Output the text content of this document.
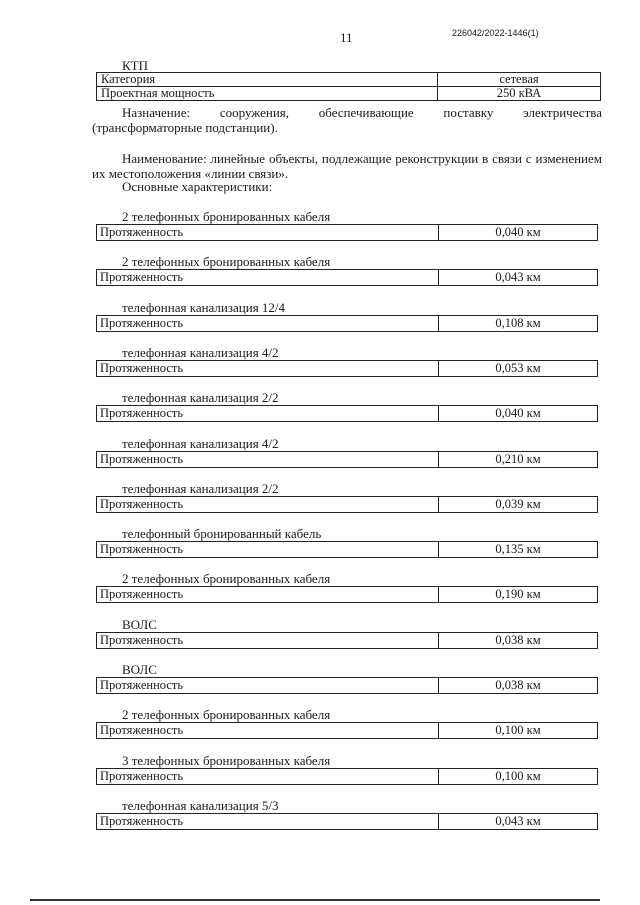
11	226042/2022-1446(1)
КТП
Категория	сетевая
Проектная мощность	250 кВА
Назначение: сооружения, обеспечивающие поставку электричества (трансформаторные подстанции).
Наименование: линейные объекты, подлежащие реконструкции в связи с изменением их местоположения «линии связи».
Основные характеристики:
2 телефонных бронированных кабеля
Протяженность	0,040 км
2 телефонных бронированных кабеля
Протяженность	0,043 км
телефонная канализация 12/4
Протяженность	0,108 км
телефонная канализация 4/2
Протяженность	0,053 км
телефонная канализация 2/2
Протяженность	0,040 км
телефонная канализация 4/2
Протяженность	0,210 км
телефонная канализация 2/2
Протяженность	0,039 км
телефонный бронированный кабель
Протяженность	0,135 км
2 телефонных бронированных кабеля
Протяженность	0,190 км
ВОЛС
Протяженность	0,038 км
ВОЛС
Протяженность	0,038 км
2 телефонных бронированных кабеля
Протяженность	0,100 км
3 телефонных бронированных кабеля
Протяженность	0,100 км
телефонная канализация 5/3
Протяженность	0,043 км
